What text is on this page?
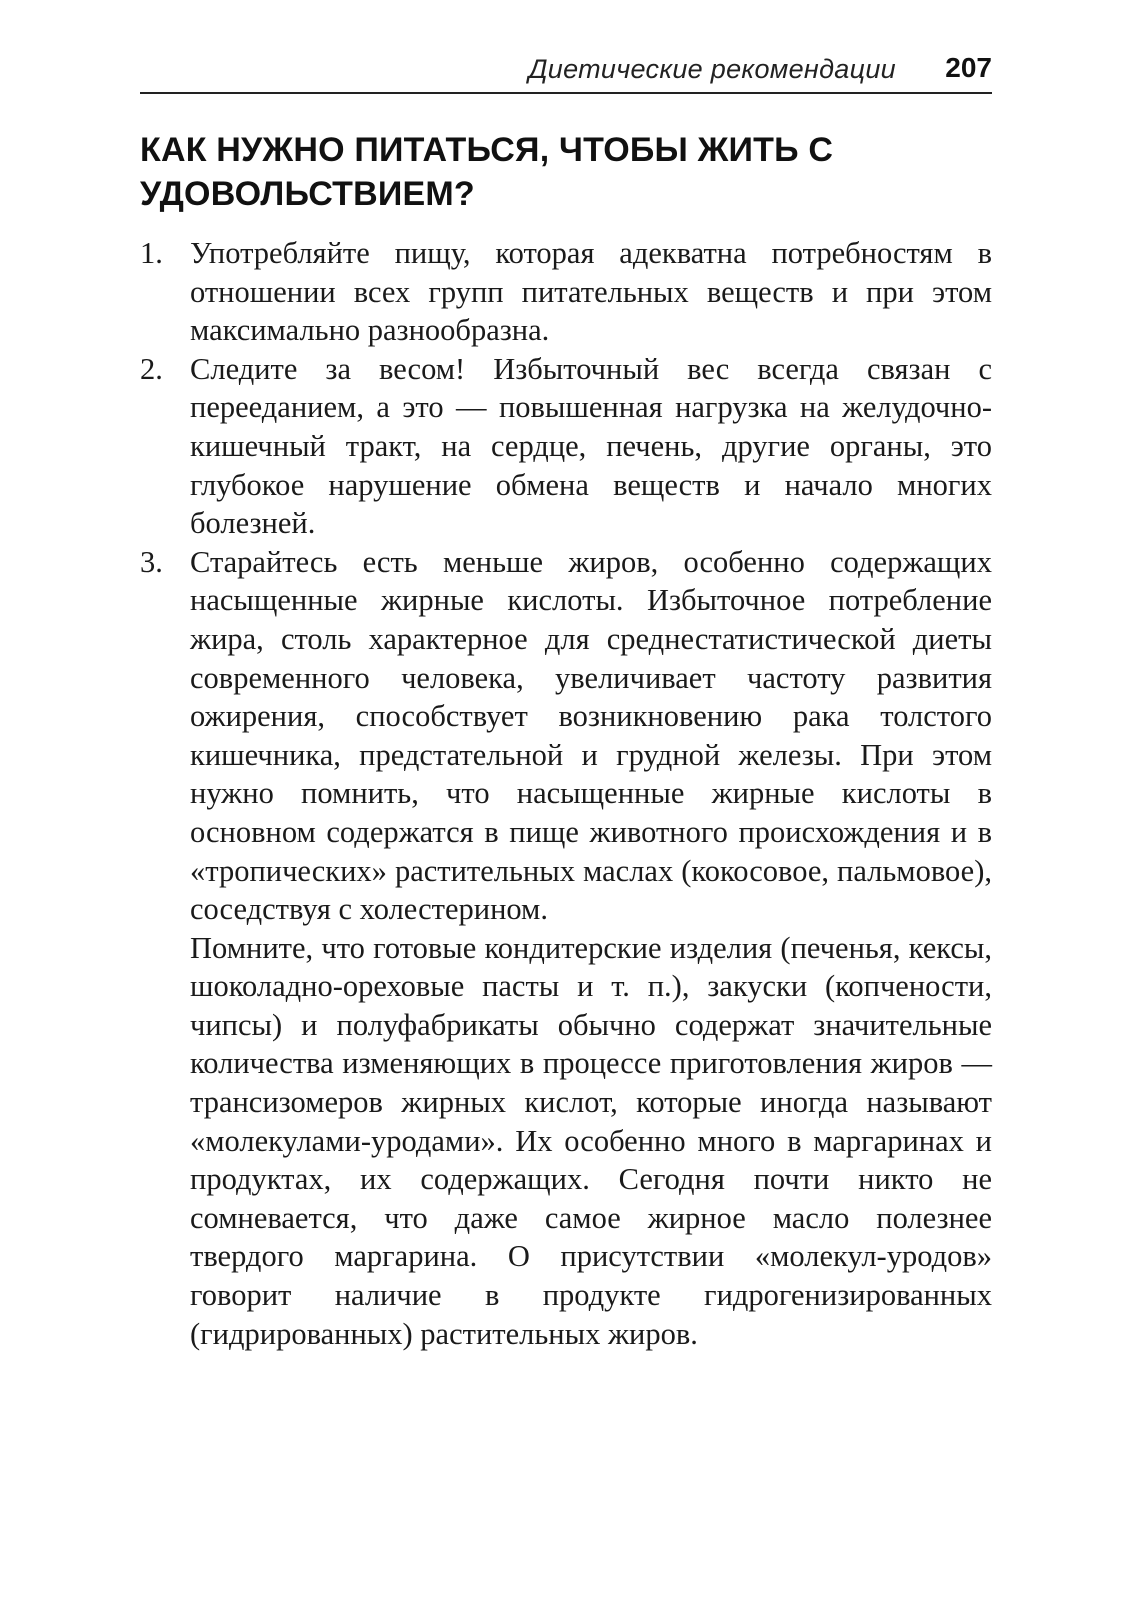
Диетические рекомендации 207
КАК НУЖНО ПИТАТЬСЯ, ЧТОБЫ ЖИТЬ С
УДОВОЛЬСТВИЕМ?
1. Употребляйте пищу, которая адекватна потребностям в отношении всех групп питательных веществ и при этом максимально разнообразна.

2. Следите за весом! Избыточный вес всегда связан с перееданием, а это — повышенная нагрузка на желудочно-кишечный тракт, на сердце, печень, другие органы, это глубокое нарушение обмена веществ и начало многих болезней.

3. Старайтесь есть меньше жиров, особенно содержащих насыщенные жирные кислоты. Избыточное потребление жира, столь характерное для среднестатистической диеты современного человека, увеличивает частоту развития ожирения, способствует возникновению рака толстого кишечника, предстательной и грудной железы. При этом нужно помнить, что насыщенные жирные кислоты в основном содержатся в пище животного происхождения и в «тропических» растительных маслах (кокосовое, пальмовое), соседствуя с холестерином.

Помните, что готовые кондитерские изделия (печенья, кексы, шоколадно-ореховые пасты и т. п.), закуски (копчености, чипсы) и полуфабрикаты обычно содержат значительные количества изменяющих в процессе приготовления жиров — трансизомеров жирных кислот, которые иногда называют «молекулами-уродами». Их особенно много в маргаринах и продуктах, их содержащих. Сегодня почти никто не сомневается, что даже самое жирное масло полезнее твердого маргарина. О присутствии «молекул-уродов» говорит наличие в продукте гидрогенизированных (гидрированных) растительных жиров.
